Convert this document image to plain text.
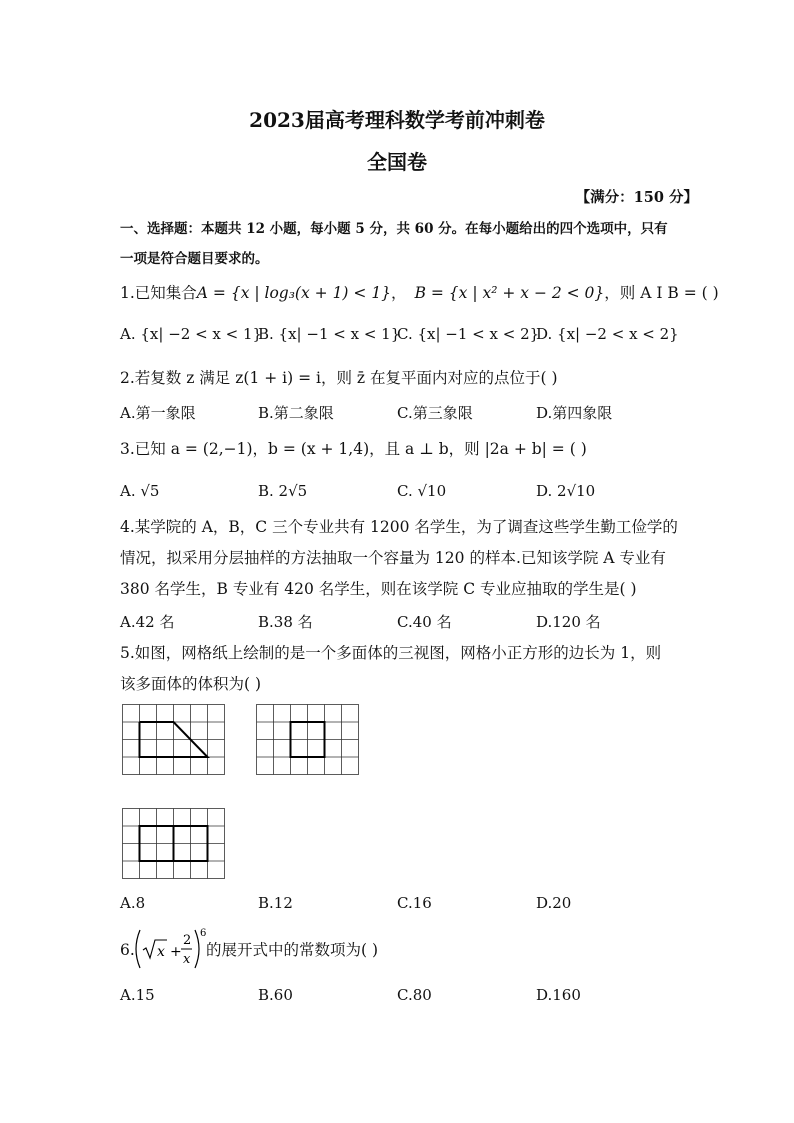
2023届高考理科数学考前冲刺卷
全国卷
【满分：150 分】
一、选择题：本题共 12 小题，每小题 5 分，共 60 分。在每小题给出的四个选项中，只有
一项是符合题目要求的。
1.已知集合A = {x | log₃(x + 1) < 1}， B = {x | x² + x − 2 < 0}，则 A I B = ( )
A. {x| −2 < x < 1}
B. {x| −1 < x < 1}
C. {x| −1 < x < 2}
D. {x| −2 < x < 2}
2.若复数 z 满足 z(1 + i) = i，则 z̄ 在复平面内对应的点位于( )
A.第一象限	B.第二象限	C.第三象限	D.第四象限
3.已知 a = (2,−1)，b = (x + 1,4)，且 a ⊥ b，则 |2a + b| = ( )
A. √5	B. 2√5	C. √10	D. 2√10
4.某学院的 A，B，C 三个专业共有 1200 名学生，为了调查这些学生勤工俭学的
情况，拟采用分层抽样的方法抽取一个容量为 120 的样本.已知该学院 A 专业有
380 名学生，B 专业有 420 名学生，则在该学院 C 专业应抽取的学生是( )
A.42 名	B.38 名	C.40 名	D.120 名
5.如图，网格纸上绘制的是一个多面体的三视图，网格小正方形的边长为 1，则
该多面体的体积为( )
A.8	B.12	C.16	D.20
6. x +
2
x
6
的展开式中的常数项为( )
A.15	B.60	C.80	D.160
